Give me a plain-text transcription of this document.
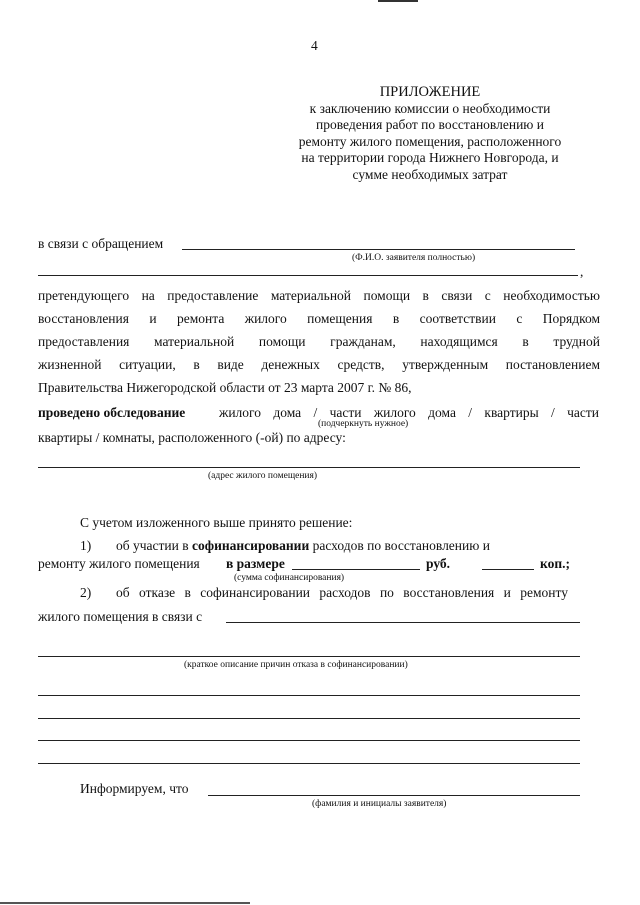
4
ПРИЛОЖЕНИЕ
к заключению комиссии о необходимости
проведения работ по восстановлению и
ремонту жилого помещения, расположенного
на территории города Нижнего Новгорода, и
сумме необходимых затрат
в связи с обращением
(Ф.И.О. заявителя полностью)
,
претендующего на предоставление материальной помощи в связи с необходимостью
восстановления и ремонта жилого помещения в соответствии с Порядком
предоставления материальной помощи гражданам, находящимся в трудной
жизненной ситуации, в виде денежных средств, утвержденным постановлением
Правительства Нижегородской области от 23 марта 2007 г. № 86,
проведено обследование	жилого дома / части жилого дома / квартиры / части
(подчеркнуть нужное)
квартиры / комнаты, расположенного (-ой) по адресу:
(адрес жилого помещения)
С учетом изложенного выше принято решение:
1) об участии в софинансировании расходов по восстановлению и
ремонту жилого помещения в размере	руб.	коп.;
(сумма софинансирования)
2) об отказе в софинансировании расходов по восстановления и ремонту
жилого помещения в связи с
(краткое описание причин отказа в софинансировании)
Информируем, что
(фамилия и инициалы заявителя)
